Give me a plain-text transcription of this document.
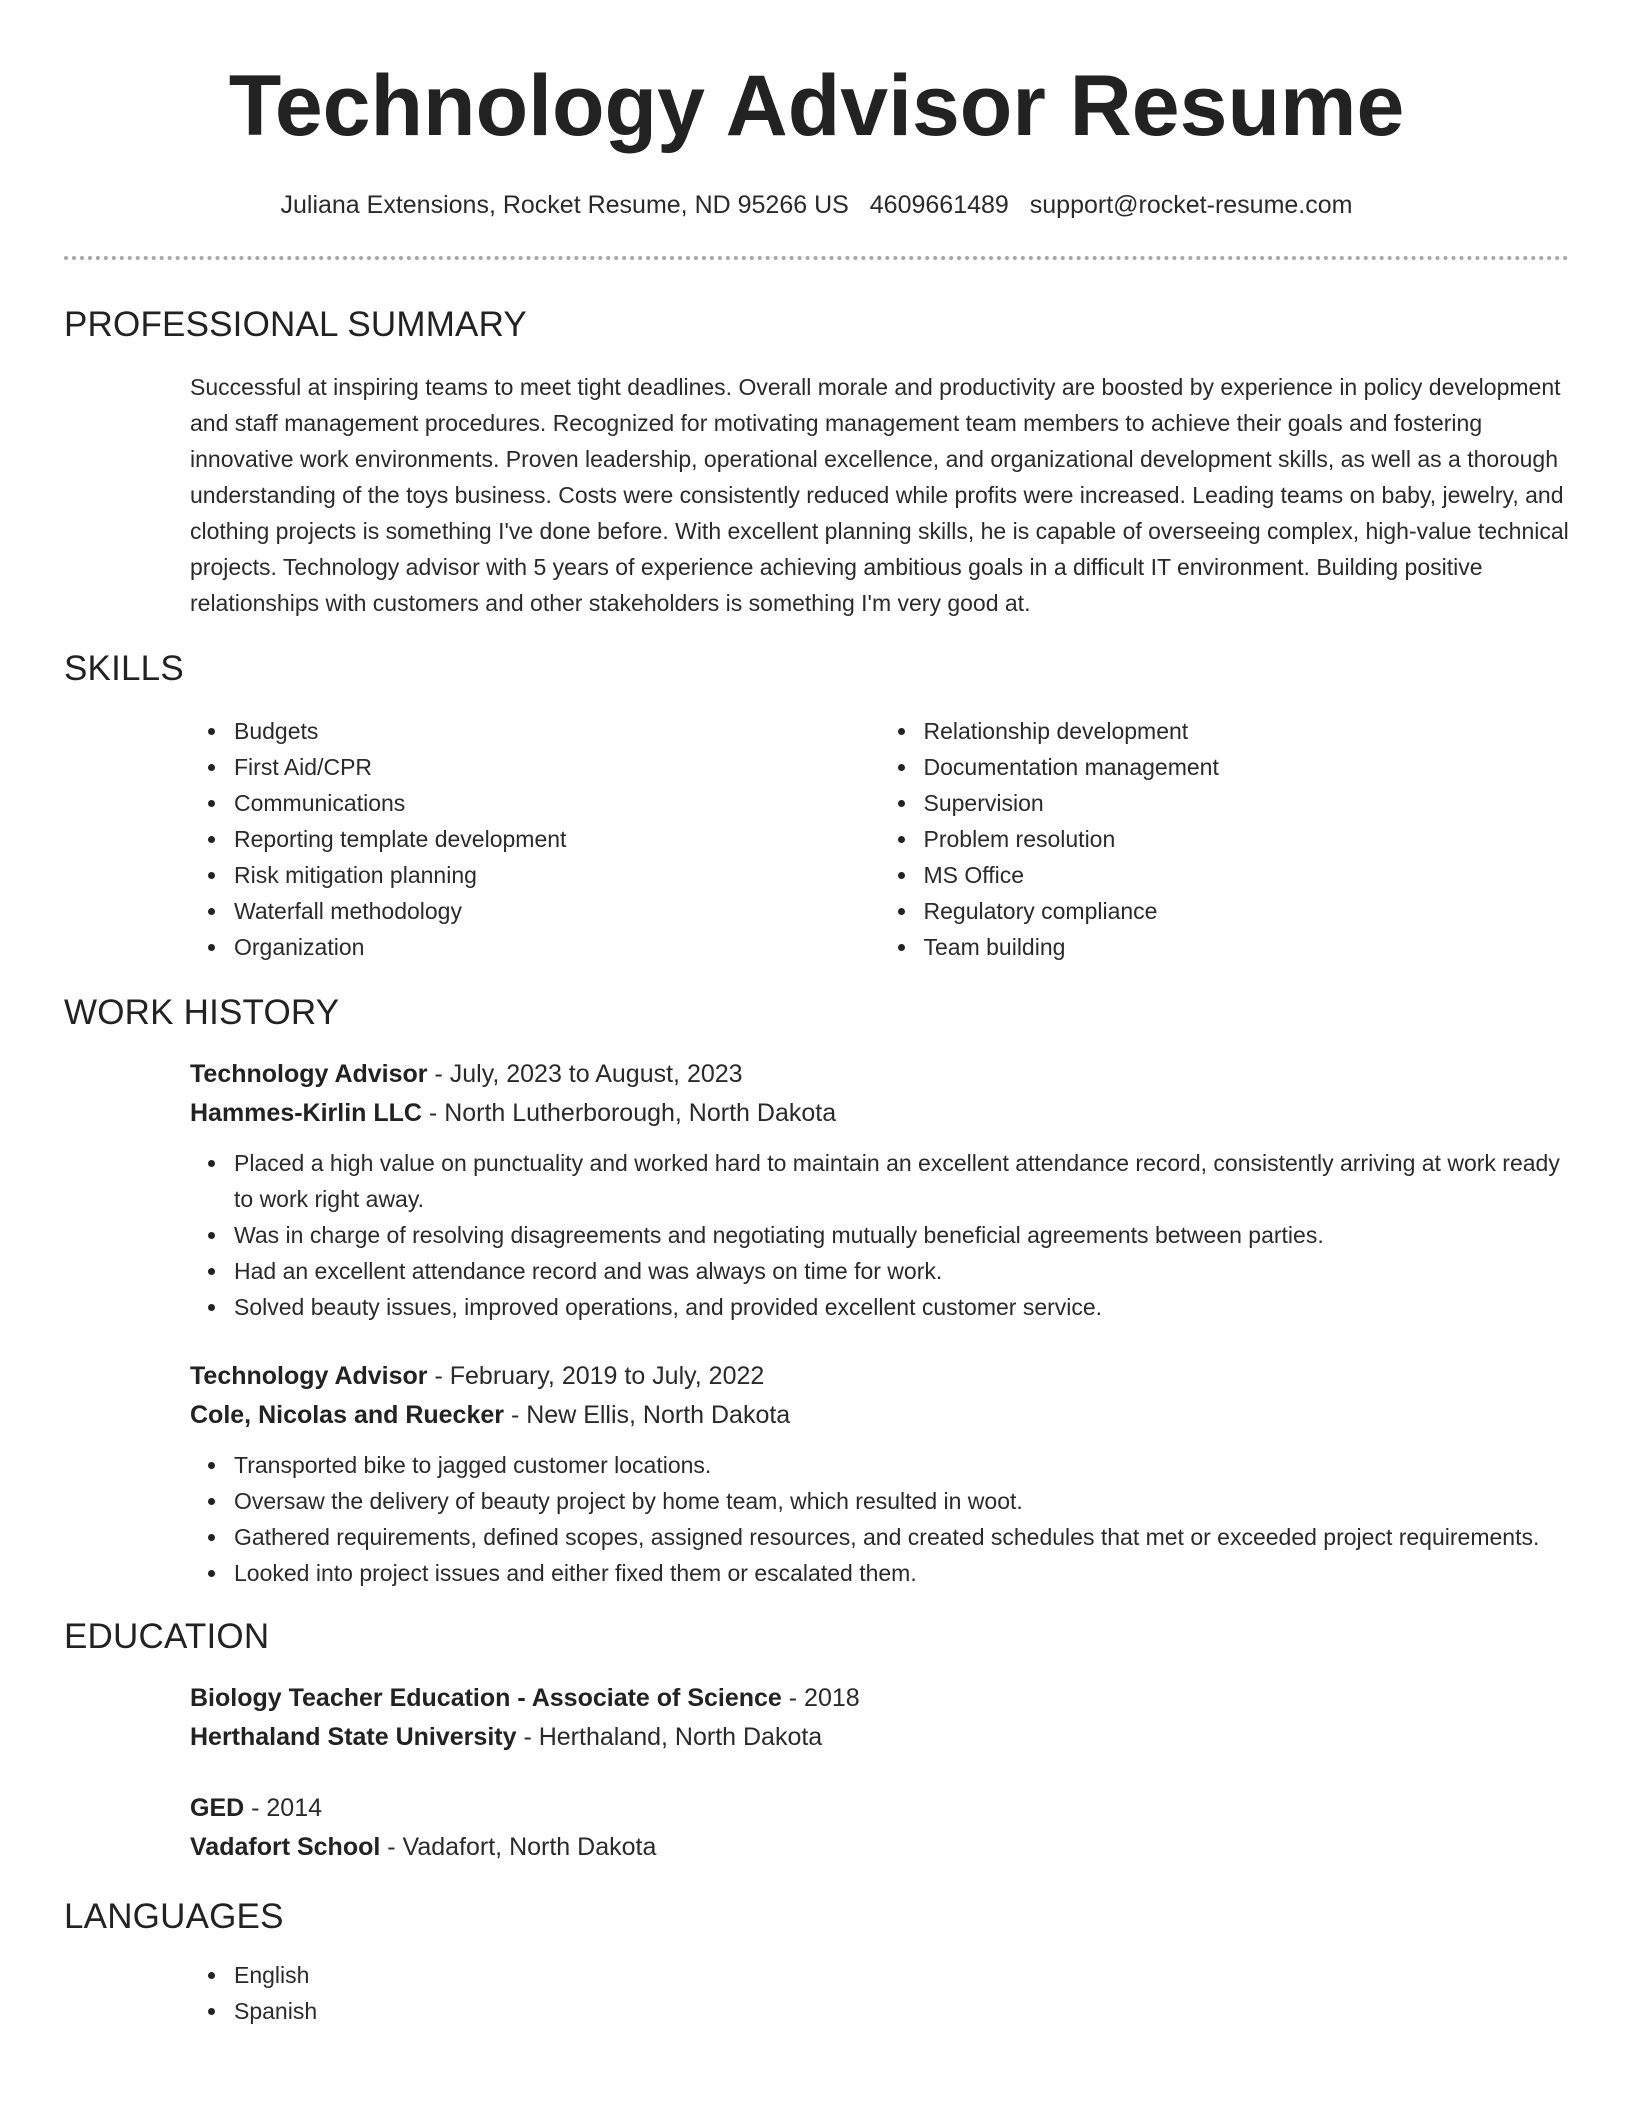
Technology Advisor Resume
Juliana Extensions, Rocket Resume, ND 95266 US 4609661489 support@rocket-resume.com
PROFESSIONAL SUMMARY

Successful at inspiring teams to meet tight deadlines. Overall morale and productivity are boosted by experience in policy development and staff management procedures. Recognized for motivating management team members to achieve their goals and fostering innovative work environments. Proven leadership, operational excellence, and organizational development skills, as well as a thorough understanding of the toys business. Costs were consistently reduced while profits were increased. Leading teams on baby, jewelry, and clothing projects is something I've done before. With excellent planning skills, he is capable of overseeing complex, high-value technical projects. Technology advisor with 5 years of experience achieving ambitious goals in a difficult IT environment. Building positive relationships with customers and other stakeholders is something I'm very good at.

SKILLS
Budgets
First Aid/CPR
Communications
Reporting template development
Risk mitigation planning
Waterfall methodology
Organization
Relationship development
Documentation management
Supervision
Problem resolution
MS Office
Regulatory compliance
Team building
WORK HISTORY
Technology Advisor - July, 2023 to August, 2023
Hammes-Kirlin LLC - North Lutherborough, North Dakota
Placed a high value on punctuality and worked hard to maintain an excellent attendance record, consistently arriving at work ready to work right away.
Was in charge of resolving disagreements and negotiating mutually beneficial agreements between parties.
Had an excellent attendance record and was always on time for work.
Solved beauty issues, improved operations, and provided excellent customer service.
Technology Advisor - February, 2019 to July, 2022
Cole, Nicolas and Ruecker - New Ellis, North Dakota
Transported bike to jagged customer locations.
Oversaw the delivery of beauty project by home team, which resulted in woot.
Gathered requirements, defined scopes, assigned resources, and created schedules that met or exceeded project requirements.
Looked into project issues and either fixed them or escalated them.
EDUCATION
Biology Teacher Education - Associate of Science - 2018
Herthaland State University - Herthaland, North Dakota
GED - 2014
Vadafort School - Vadafort, North Dakota
LANGUAGES
English
Spanish
